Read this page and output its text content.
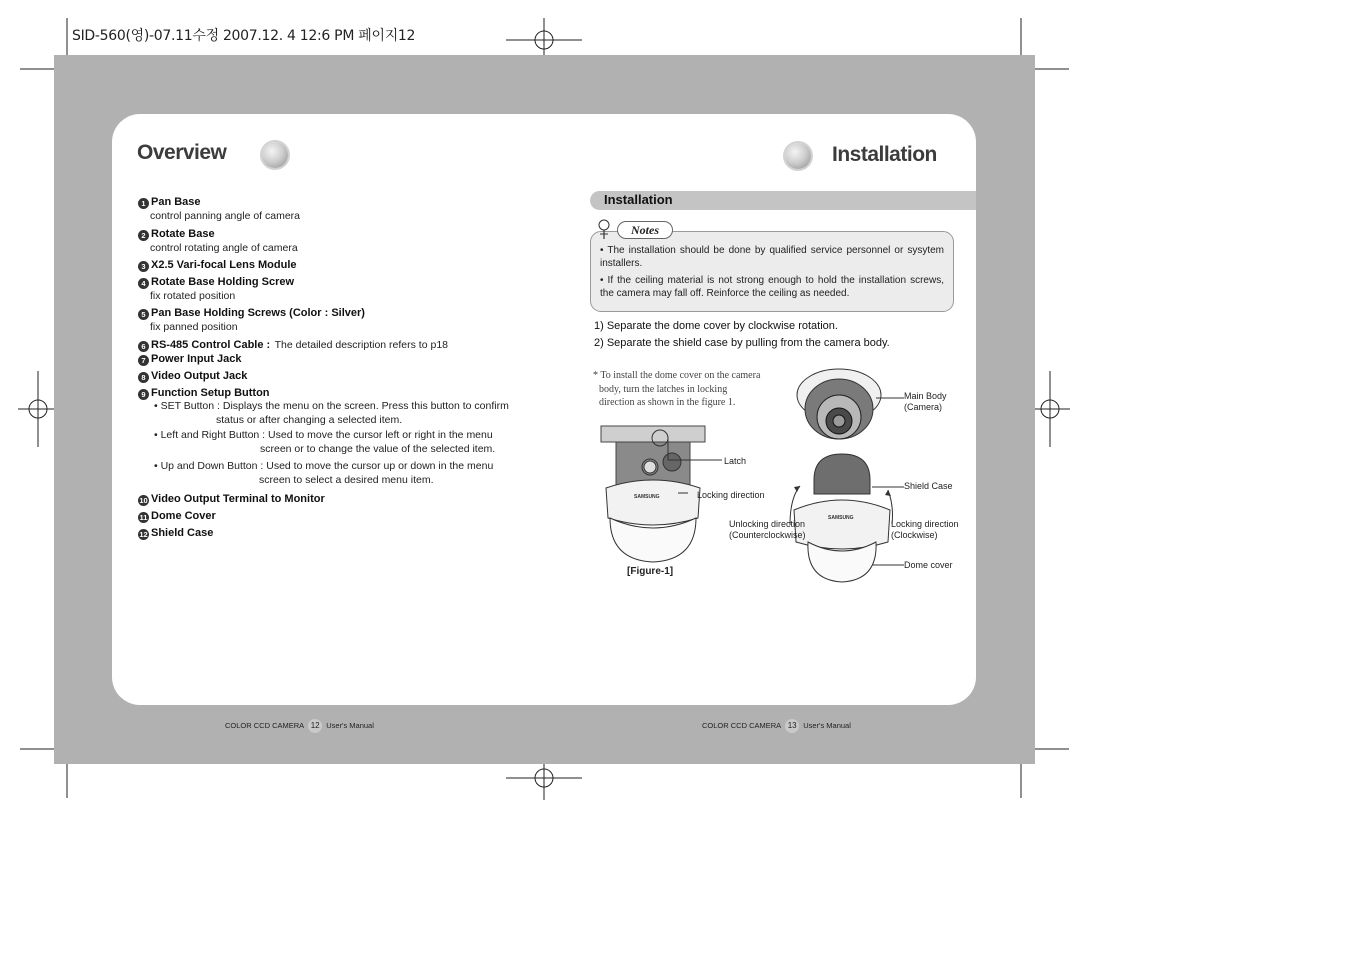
SID-560(영)-07.11수정 2007.12. 4 12:6 PM 페이지12
Overview
1 Pan Base
control panning angle of camera
2 Rotate Base
control rotating angle of camera
3 X2.5 Vari-focal Lens Module
4 Rotate Base Holding Screw
fix rotated position
5 Pan Base Holding Screws (Color : Silver)
fix panned position
6 RS-485 Control Cable : The detailed description refers to p18
7 Power Input Jack
8 Video Output Jack
9 Function Setup Button
• SET Button : Displays the menu on the screen. Press this button to confirm
status or after changing a selected item.
• Left and Right Button : Used to move the cursor left or right in the menu
screen or to change the value of the selected item.
• Up and Down Button : Used to move the cursor up or down in the menu
screen to select a desired menu item.
10 Video Output Terminal to Monitor
11 Dome Cover
12 Shield Case
Installation
Installation
• The installation should be done by qualified service personnel or sysytem installers.
• If the ceiling material is not strong enough to hold the installation screws, the camera may fall off. Reinforce the ceiling as needed.
Notes
1) Separate the dome cover by clockwise rotation.
2) Separate the shield case by pulling from the camera body.
* To install the dome cover on the camera
body, turn the latches in locking
direction as shown in the figure 1.
SAMSUNG
Latch
Locking direction
[Figure-1]
Main Body
(Camera)
SAMSUNG
Shield Case
Unlocking direction
(Counterclockwise)
Locking direction
(Clockwise)
Dome cover
COLOR CCD CAMERA 12 User's Manual	COLOR CCD CAMERA 13 User's Manual
